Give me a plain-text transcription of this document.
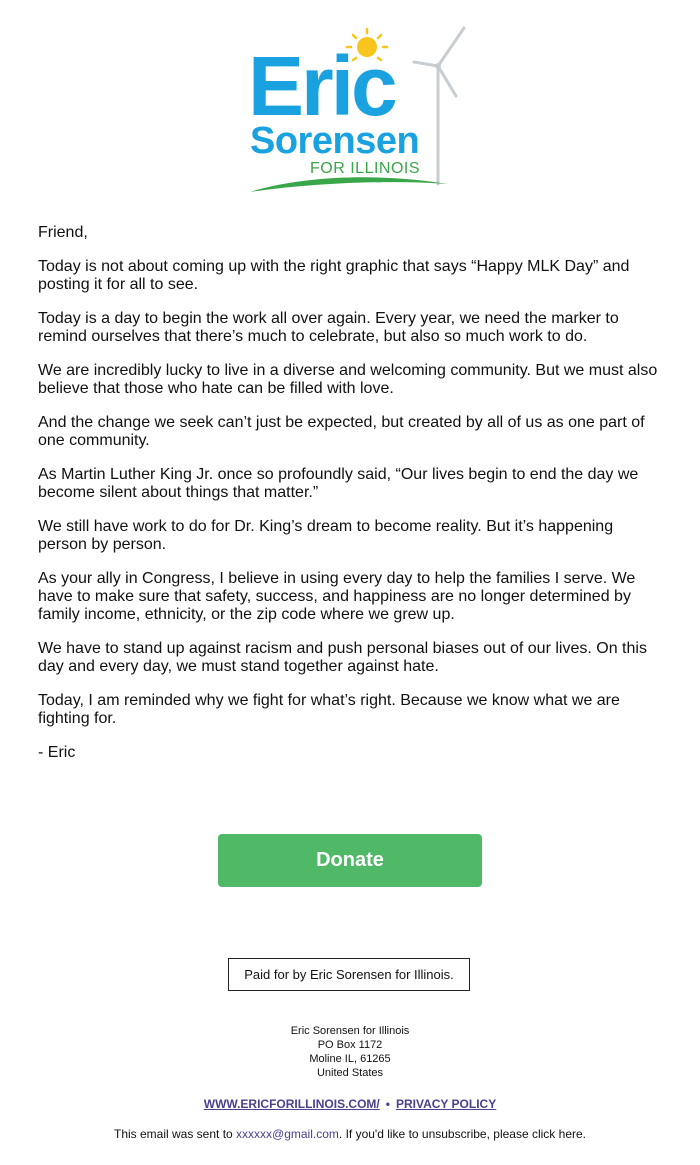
Eric
Sorensen
FOR ILLINOIS

Friend,

Today is not about coming up with the right graphic that says “Happy MLK Day” and posting it for all to see.

Today is a day to begin the work all over again. Every year, we need the marker to remind ourselves that there’s much to celebrate, but also so much work to do.

We are incredibly lucky to live in a diverse and welcoming community. But we must also believe that those who hate can be filled with love.

And the change we seek can’t just be expected, but created by all of us as one part of one community.

As Martin Luther King Jr. once so profoundly said, “Our lives begin to end the day we become silent about things that matter.”

We still have work to do for Dr. King’s dream to become reality. But it’s happening person by person.

As your ally in Congress, I believe in using every day to help the families I serve. We have to make sure that safety, success, and happiness are no longer determined by family income, ethnicity, or the zip code where we grew up.

We have to stand up against racism and push personal biases out of our lives. On this day and every day, we must stand together against hate.

Today, I am reminded why we fight for what’s right. Because we know what we are fighting for.

- Eric

Donate
Paid for by Eric Sorensen for Illinois.
Eric Sorensen for Illinois
PO Box 1172
Moline IL, 61265
United States
WWW.ERICFORILLINOIS.COM/ • PRIVACY POLICY
This email was sent to xxxxxx@gmail.com. If you'd like to unsubscribe, please click here.
